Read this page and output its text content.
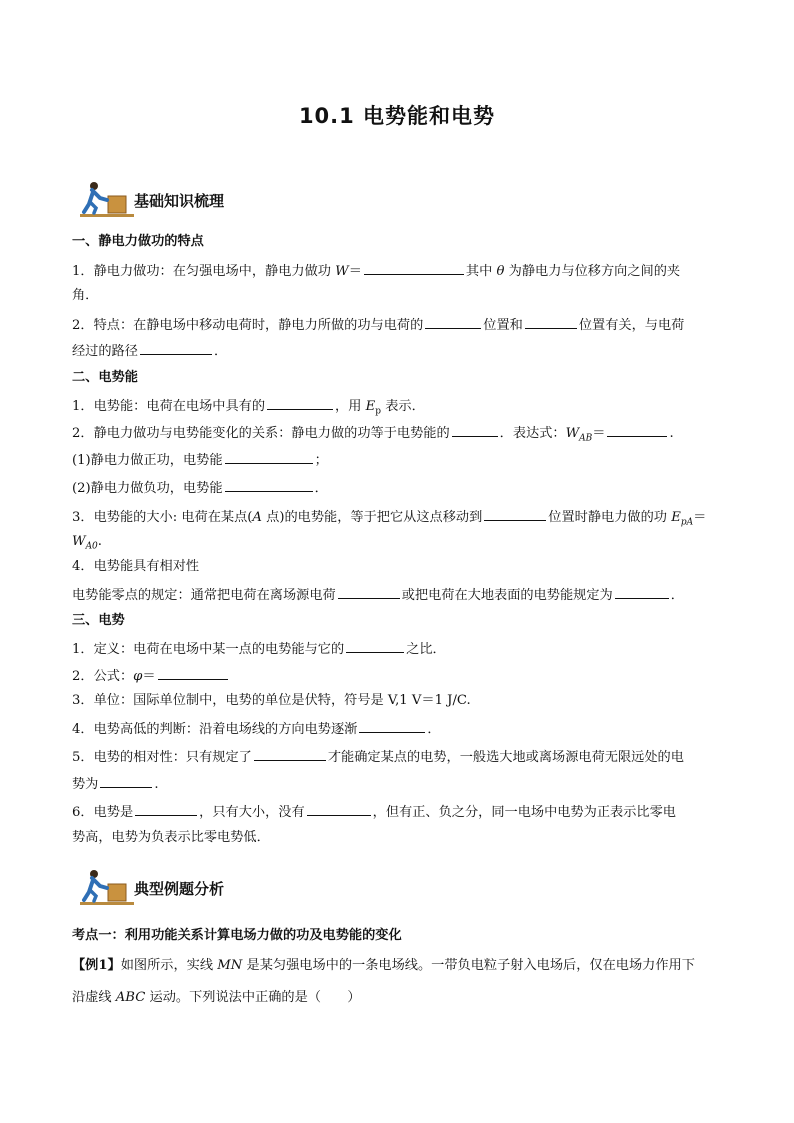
10.1 电势能和电势
基础知识梳理
一、静电力做功的特点
1．静电力做功：在匀强电场中，静电力做功 W＝	其中 θ 为静电力与位移方向之间的夹
角．
2．特点：在静电场中移动电荷时，静电力所做的功与电荷的	位置和	位置有关，与电荷
经过的路径	．
二、电势能
1．电势能：电荷在电场中具有的	，用 $E_p$ 表示．
2．静电力做功与电势能变化的关系：静电力做的功等于电势能的	．表达式：$W_{AB}=$	.
(1)静电力做正功，电势能	；
(2)静电力做负功，电势能	．
3．电势能的大小: 电荷在某点(A 点)的电势能，等于把它从这点移动到	位置时静电力做的功 $E_{pA}=$
$W_{A0}$.
4．电势能具有相对性
电势能零点的规定：通常把电荷在离场源电荷	或把电荷在大地表面的电势能规定为	．
三、电势
1．定义：电荷在电场中某一点的电势能与它的	之比．
2．公式：φ＝
3．单位：国际单位制中，电势的单位是伏特，符号是 V,1 V＝1 J/C.
4．电势高低的判断：沿着电场线的方向电势逐渐	．
5．电势的相对性：只有规定了	才能确定某点的电势，一般选大地或离场源电荷无限远处的电
势为	.
6．电势是	，只有大小，没有	，但有正、负之分，同一电场中电势为正表示比零电
势高，电势为负表示比零电势低．
典型例题分析
考点一：利用功能关系计算电场力做的功及电势能的变化
【例1】如图所示，实线 MN 是某匀强电场中的一条电场线。一带负电粒子射入电场后，仅在电场力作用下
沿虚线 ABC 运动。下列说法中正确的是（　　）
